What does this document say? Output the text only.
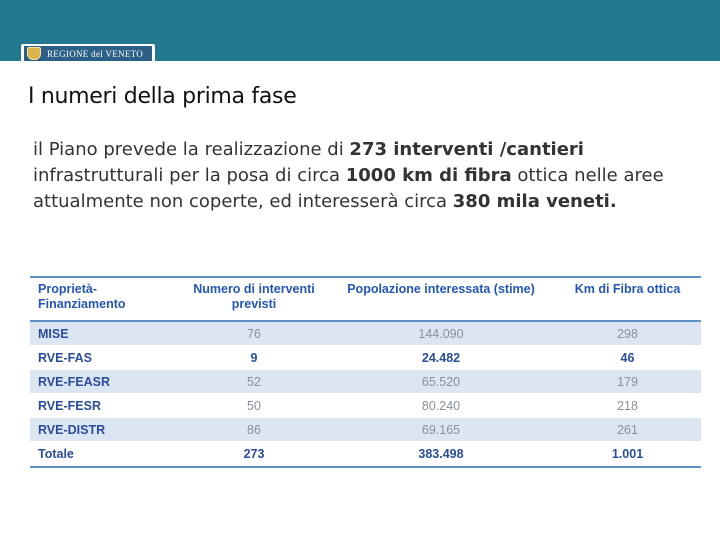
REGIONE del VENETO
I numeri della prima fase

il Piano prevede la realizzazione di 273 interventi /cantieri infrastrutturali per la posa di circa 1000 km di fibra ottica nelle aree attualmente non coperte, ed interesserà circa 380 mila veneti.

Proprietà-Finanziamento	Numero di interventi previsti	Popolazione interessata (stime)	Km di Fibra ottica
MISE	76	144.090	298
RVE-FAS	9	24.482	46
RVE-FEASR	52	65.520	179
RVE-FESR	50	80.240	218
RVE-DISTR	86	69.165	261
Totale	273	383.498	1.001
